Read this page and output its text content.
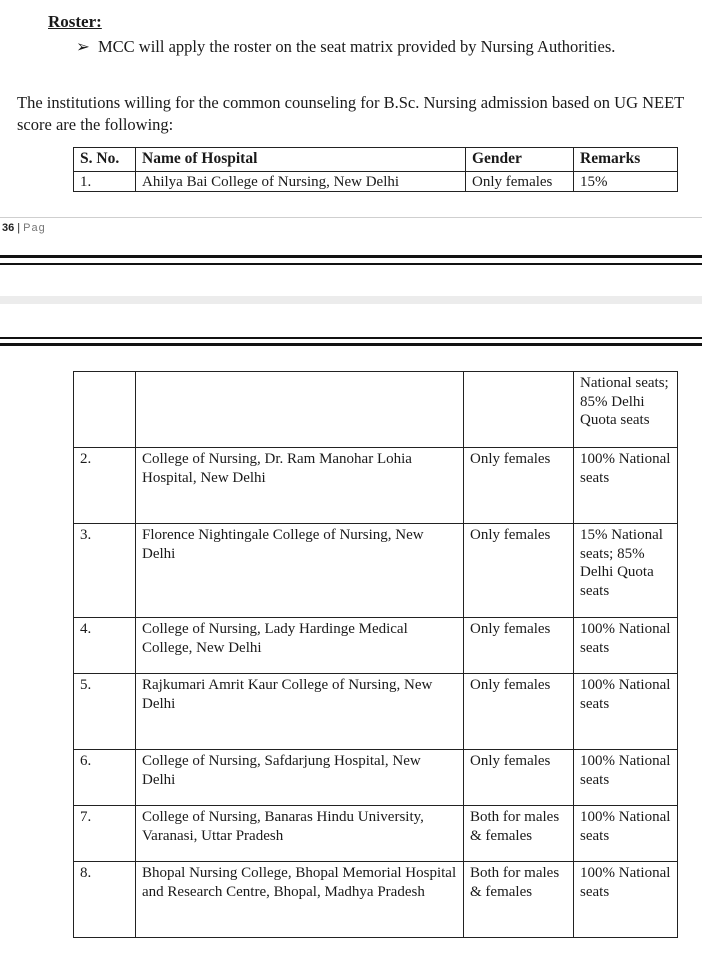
Roster:
➢ MCC will apply the roster on the seat matrix provided by Nursing Authorities.
The institutions willing for the common counseling for B.Sc. Nursing admission based on UG NEET score are the following:
S. No.	Name of Hospital	Gender	Remarks
1.	Ahilya Bai College of Nursing, New Delhi	Only females	15%
36 | Pag
			National seats; 85% Delhi Quota seats
2.	College of Nursing, Dr. Ram Manohar Lohia Hospital, New Delhi	Only females	100% National seats
3.	Florence Nightingale College of Nursing, New Delhi	Only females	15% National seats; 85% Delhi Quota seats
4.	College of Nursing, Lady Hardinge Medical College, New Delhi	Only females	100% National seats
5.	Rajkumari Amrit Kaur College of Nursing, New Delhi	Only females	100% National seats
6.	College of Nursing, Safdarjung Hospital, New Delhi	Only females	100% National seats
7.	College of Nursing, Banaras Hindu University, Varanasi, Uttar Pradesh	Both for males & females	100% National seats
8.	Bhopal Nursing College, Bhopal Memorial Hospital and Research Centre, Bhopal, Madhya Pradesh	Both for males & females	100% National seats
